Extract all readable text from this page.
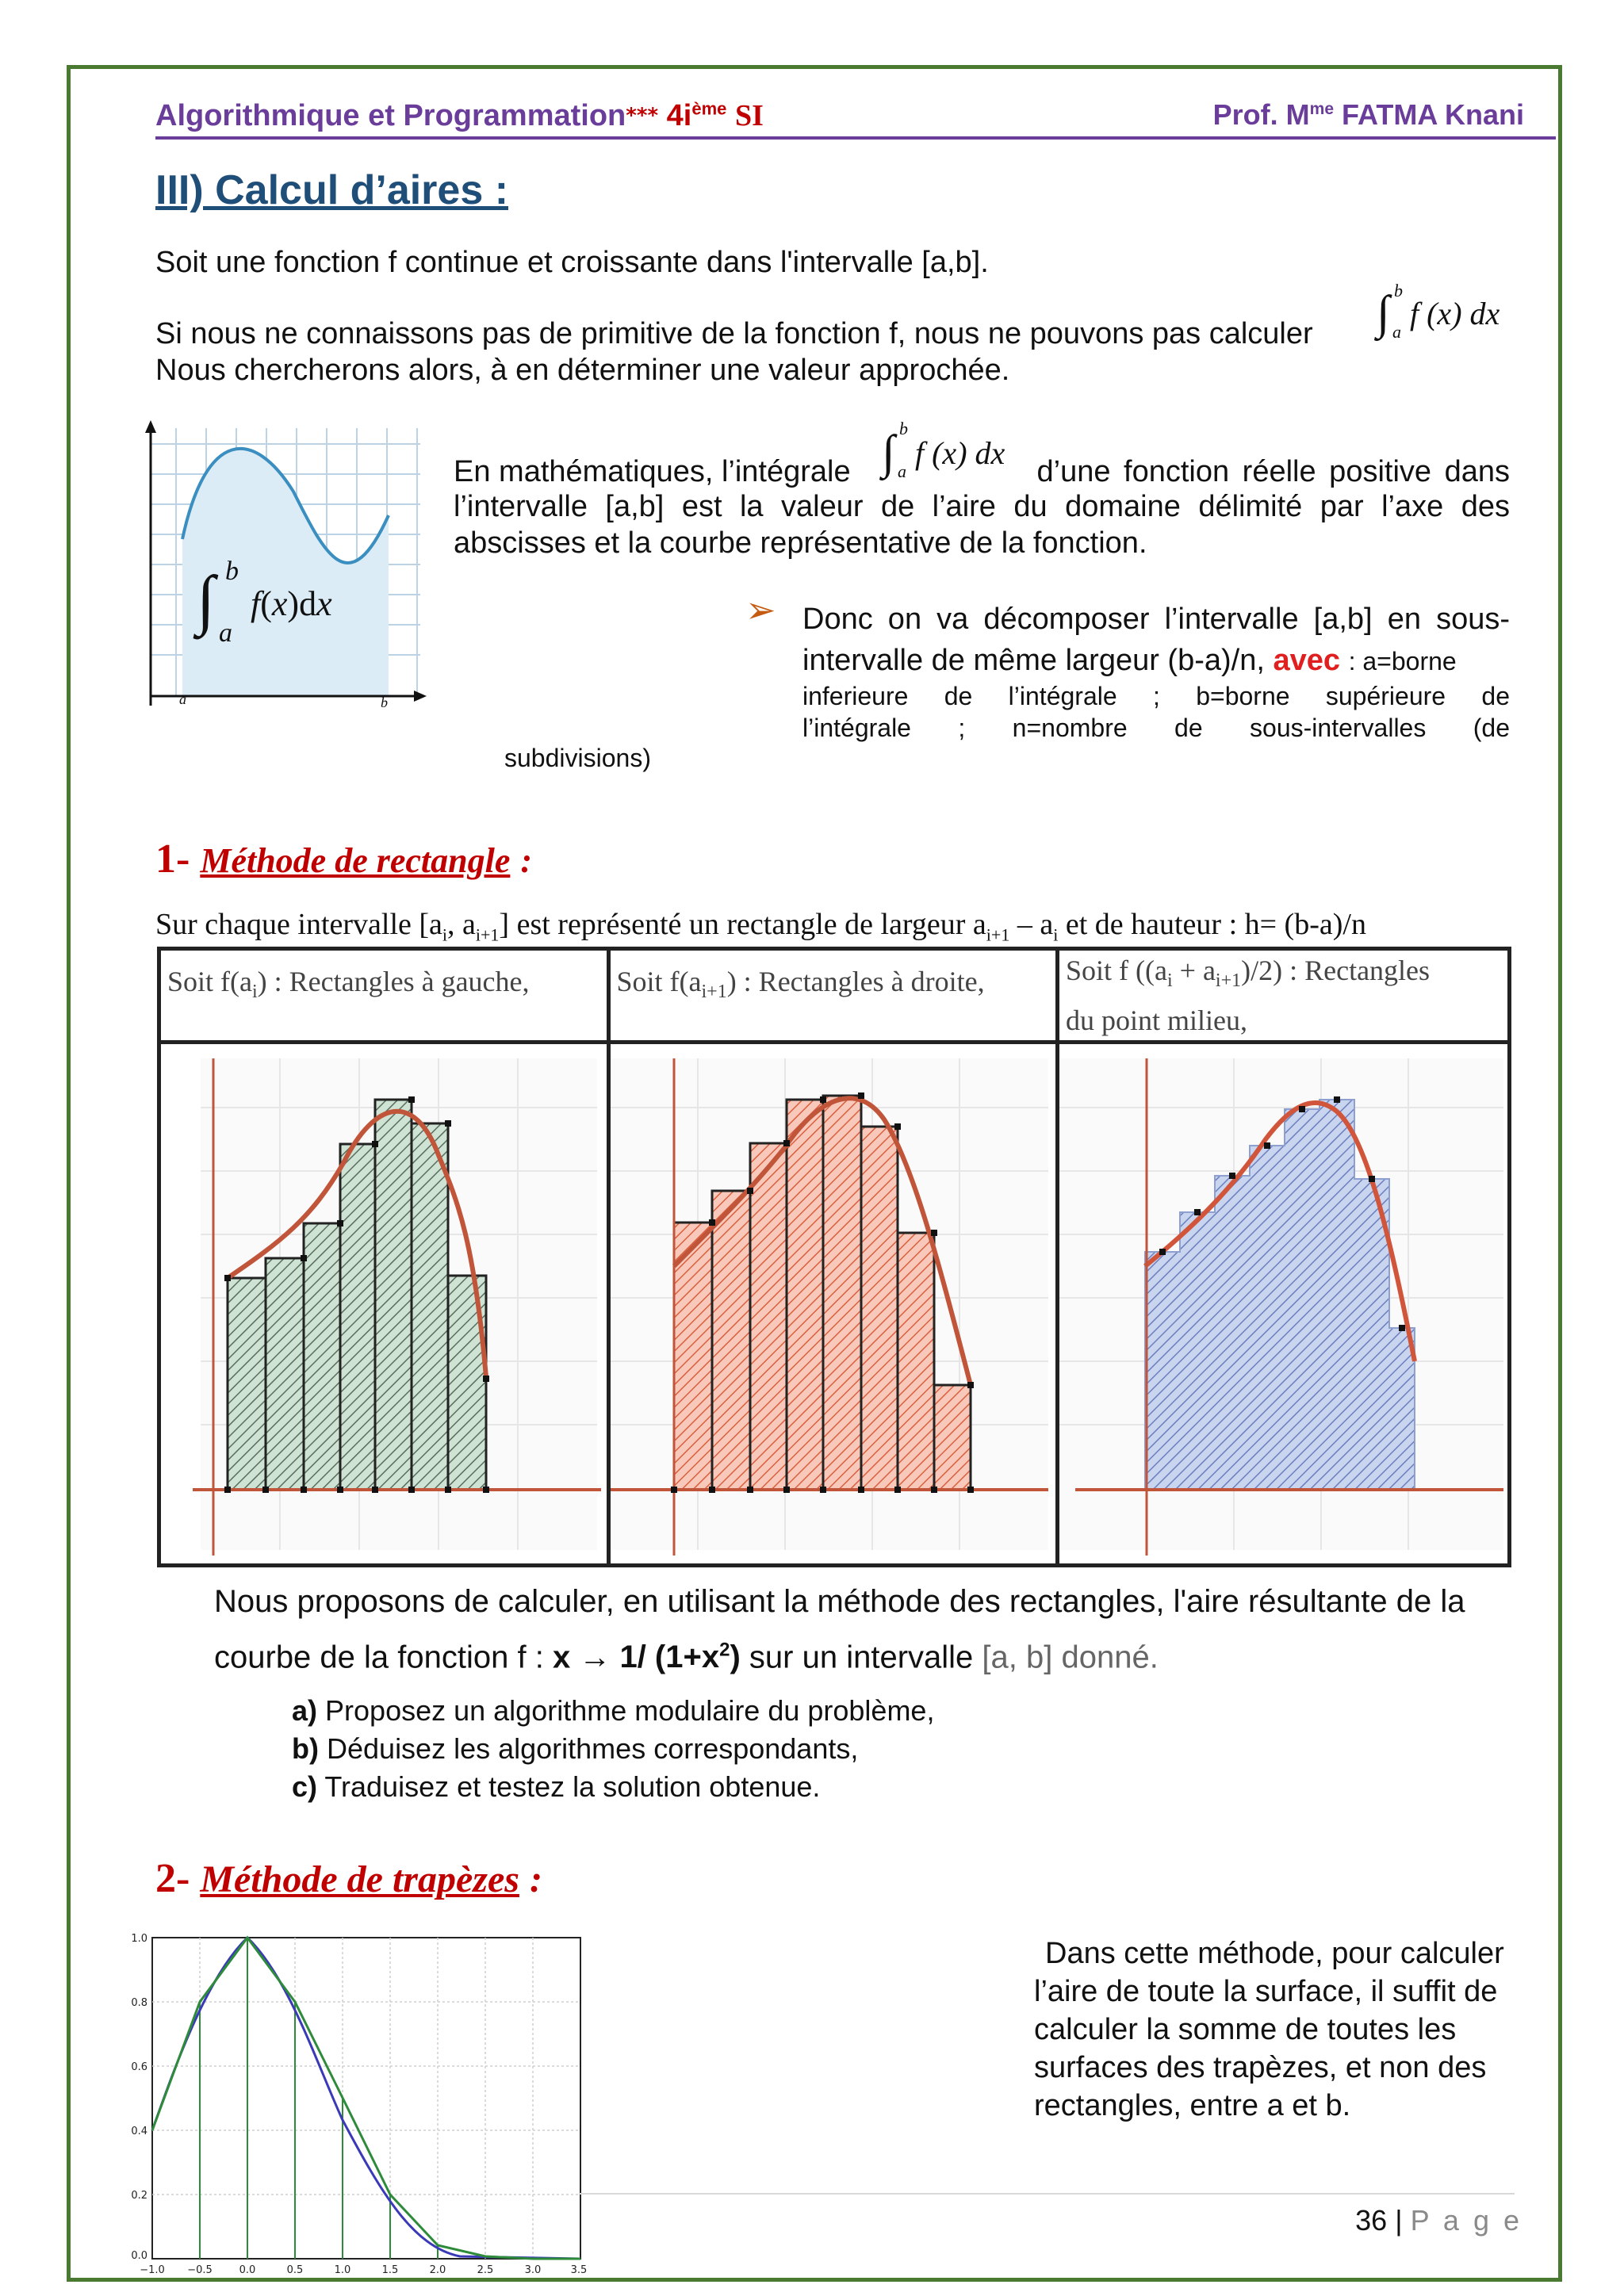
Algorithmique et Programmation*** $4i^{ème}$ SI	Prof. $M^{me}$ FATMA Knani
III) Calcul d’aires :
Soit une fonction f continue et croissante dans l'intervalle [a,b].
Si nous ne connaissons pas de primitive de la fonction f, nous ne pouvons pas calculer ∫ b
a
f (x) dx
Nous chercherons alors, à en déterminer une valeur approchée.
∫ b
a
f(x)dx
a	b
En mathématiques, l’intégrale ∫ b
a
f (x) dx
d’une fonction réelle positive dans
l’intervalle [a,b] est la valeur de l’aire du domaine délimité par l’axe des abscisses et la courbe représentative de la fonction.
➢ Donc on va décomposer l’intervalle [a,b] en sous-
intervalle de même largeur (b-a)/n, avec : a=borne
inferieure de l’intégrale ; b=borne supérieure de
l’intégrale ; n=nombre de sous-intervalles (de
subdivisions)
1- Méthode de rectangle :
Sur chaque intervalle [$a_i$, $a_{i+1}$] est représenté un rectangle de largeur $a_{i+1} - a_i$ et de hauteur : h= (b-a)/n
Soit $f(a_i)$ : Rectangles à gauche,	Soit $f(a_{i+1})$ : Rectangles à droite,	Soit f $((a_i + a_{i+1})/2)$ : Rectangles
du point milieu,

Nous proposons de calculer, en utilisant la méthode des rectangles, l'aire résultante de la
courbe de la fonction f : x → 1/ $(1+x^2)$ sur un intervalle [a, b] donné.
a) Proposez un algorithme modulaire du problème,
b) Déduisez les algorithmes correspondants,
c) Traduisez et testez la solution obtenue.
2- Méthode de trapèzes :
1.0
0.8
0.6
0.4
0.2
0.0
−1.0 −0.5	0.0	0.5	1.0	1.5	2.0	2.5	3.0	3.5
Dans cette méthode, pour calculer l’aire de toute la surface, il suffit de calculer la somme de toutes les surfaces des trapèzes, et non des rectangles, entre a et b.
36 | P a g e
